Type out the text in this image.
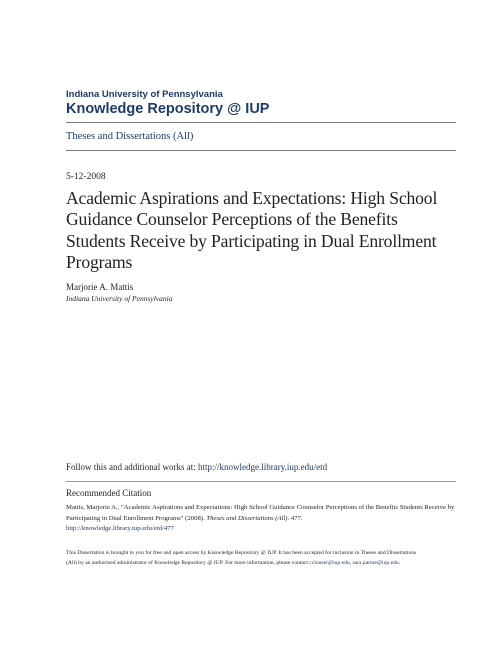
Indiana University of Pennsylvania
Knowledge Repository @ IUP
Theses and Dissertations (All)
5-12-2008
Academic Aspirations and Expectations: High School Guidance Counselor Perceptions of the Benefits Students Receive by Participating in Dual Enrollment Programs
Marjorie A. Mattis
Indiana University of Pennsylvania
Follow this and additional works at: http://knowledge.library.iup.edu/etd
Recommended Citation
Mattis, Marjorie A., "Academic Aspirations and Expectations: High School Guidance Counselor Perceptions of the Benefits Students Receive by Participating in Dual Enrollment Programs" (2008). Theses and Dissertations (All). 477.
http://knowledge.library.iup.edu/etd/477
This Dissertation is brought to you for free and open access by Knowledge Repository @ IUP. It has been accepted for inclusion in Theses and Dissertations (All) by an authorized administrator of Knowledge Repository @ IUP. For more information, please contact cclouser@iup.edu, sara.parme@iup.edu.
